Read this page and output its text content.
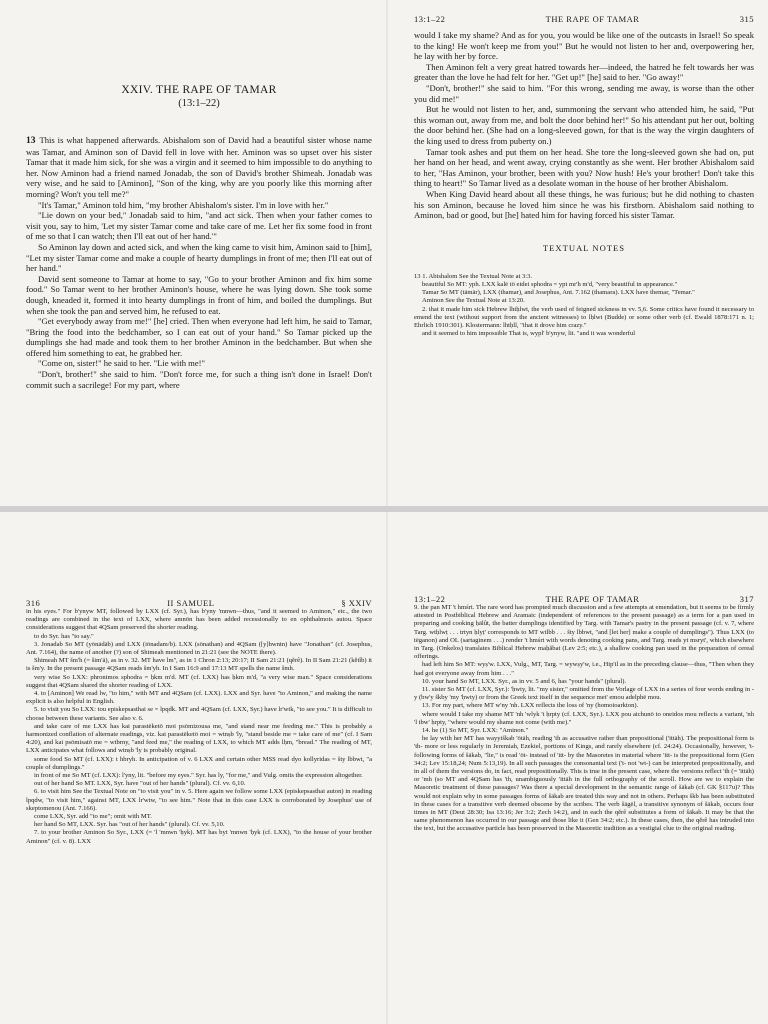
XXIV. THE RAPE OF TAMAR
(13:1–22)

13 This is what happened afterwards. Abishalom son of David had a beautiful sister whose name was Tamar, and Aminon son of David fell in love with her. Aminon was so upset over his sister Tamar that it made him sick, for she was a virgin and it seemed to him impossible to do anything to her. Now Aminon had a friend named Jonadab, the son of David's brother Shimeah. Jonadab was very wise, and he said to [Aminon], "Son of the king, why are you poorly like this morning after morning? Won't you tell me?"

"It's Tamar," Aminon told him, "my brother Abishalom's sister. I'm in love with her."

"Lie down on your bed," Jonadab said to him, "and act sick. Then when your father comes to visit you, say to him, 'Let my sister Tamar come and take care of me. Let her fix some food in front of me so that I can watch; then I'll eat out of her hand.'"

So Aminon lay down and acted sick, and when the king came to visit him, Aminon said to [him], "Let my sister Tamar come and make a couple of hearty dumplings in front of me; then I'll eat out of her hand."

David sent someone to Tamar at home to say, "Go to your brother Aminon and fix him some food." So Tamar went to her brother Aminon's house, where he was lying down. She took some dough, kneaded it, formed it into hearty dumplings in front of him, and boiled the dumplings. But when she took the pan and served him, he refused to eat.

"Get everybody away from me!" [he] cried. Then when everyone had left him, he said to Tamar, "Bring the food into the bedchamber, so I can eat out of your hand." So Tamar picked up the dumplings she had made and took them to her brother Aminon in the bedchamber. But when she offered him something to eat, he grabbed her.

"Come on, sister!" he said to her. "Lie with me!"

"Don't, brother!" she said to him. "Don't force me, for such a thing isn't done in Israel! Don't commit such a sacrilege! For my part, where

13:1–22	THE RAPE OF TAMAR	315

would I take my shame? And as for you, you would be like one of the outcasts in Israel! So speak to the king! He won't keep me from you!" But he would not listen to her and, overpowering her, he lay with her by force.

Then Aminon felt a very great hatred towards her—indeed, the hatred he felt towards her was greater than the love he had felt for her. "Get up!" [he] said to her. "Go away!"

"Don't, brother!" she said to him. "For this wrong, sending me away, is worse than the other you did me!"

But he would not listen to her, and, summoning the servant who attended him, he said, "Put this woman out, away from me, and bolt the door behind her!" So his attendant put her out, bolting the door behind her. (She had on a long-sleeved gown, for that is the way the virgin daughters of the king used to dress from puberty on.)

Tamar took ashes and put them on her head. She tore the long-sleeved gown she had on, put her hand on her head, and went away, crying constantly as she went. Her brother Abishalom said to her, "Has Aminon, your brother, been with you? Now hush! He's your brother! Don't take this thing to heart!" So Tamar lived as a desolate woman in the house of her brother Abishalom.

When King David heard about all these things, he was furious; but he did nothing to chasten his son Aminon, because he loved him since he was his firstborn. Abishalom said nothing to Aminon, bad or good, but [he] hated him for having forced his sister Tamar.

TEXTUAL NOTES

13 1. Abishalom See the Textual Note at 3:3.

beautiful So MT: yph. LXX kalē tō eidei sphodra = ypt mr'h m'd, "very beautiful in appearance."

Tamar So MT (tāmār), LXX (thamar), and Josephus, Ant. 7.162 (thamara). LXX have themar, "Temar."

Aminon See the Textual Note at 13:20.

2. that it made him sick Hebrew lhtḥlwt, the verb used of feigned sickness in vv. 5,6. Some critics have found it necessary to emend the text (without support from the ancient witnesses) to lḥlwt (Budde) or some other verb (cf. Ewald 1878:171 n. 1; Ehrlich 1910:301). Klostermann: lhtḥll, "that it drove him crazy."

and it seemed to him impossible That is, wypl' b'ynyw, lit. "and it was wonderful

316	II SAMUEL	§ XXIV

in his eyes." For b'ynyw MT, followed by LXX (cf. Syr.), has b'yny 'mnwn—thus, "and it seemed to Aminon," etc., the two readings are combined in the text of LXX, where amnōn has been added recessionally to en ophthalmois autou. Space considerations suggest that 4QSam preserved the shorter reading.

to do Syr. has "to say."

3. Jonadab So MT (yōnādāb) and LXX (iōnadam/b). LXX (sōnathan) and 4QSam ([y]hwntn) have "Jonathan" (cf. Josephus, Ant. 7.164), the name of another (?) son of Shimeah mentioned in 21:21 (see the NOTE there).

Shimeah MT šm'h (= šim'ā), as in v. 32. MT have lm'', as in 1 Chron 2:13; 20:17; II Sam 21:21 (qĕrê). In II Sam 21:21 (kĕtîb) it is šm'y. In the present passage 4QSam reads šm'yh. In I Sam 16:9 and 17:13 MT spells the name šmh.

very wise So LXX: phronimos sphodra = ḥkm m'd. MT (cf. LXX) has ḥkm m'd, "a very wise man." Space considerations suggest that 4QSam shared the shorter reading of LXX.

4. to [Aminon] We read lw, "to him," with MT and 4QSam (cf. LXX). LXX and Syr. have "to Aminon," and making the name explicit is also helpful in English.

5. to visit you So LXX: tou episkepsasthai se = lpqdk. MT and 4QSam (cf. LXX, Syr.) have lr'wtk, "to see you." It is difficult to choose between these variants. See also v. 6.

and take care of me LXX has kai parastēketō moi psōmizousa me, "and stand near me feeding me." This is probably a harmonized conflation of alternate readings, viz. kai parastēketō moi = wtnṣb 'ly, "stand beside me = take care of me" (cf. I Sam 4:20), and kai psōmisatō me = wtbrny, "and feed me," the reading of LXX, to which MT adds lḥm, "bread." The reading of MT, LXX anticipates what follows and wtnṣb 'ly is probably original.

some food So MT (cf. LXX): t hbryh. In anticipation of v. 6 LXX and certain other MSS read dyo kollyridas = šty lbbwt, "a couple of dumplings."

in front of me So MT (cf. LXX): l'yny, lit. "before my eyes." Syr. has ly, "for me," and Vulg. omits the expression altogether.

out of her hand So MT. LXX, Syr. have "out of her hands" (plural). Cf. vv. 6,10.

6. to visit him See the Textual Note on "to visit you" in v. 5. Here again we follow some LXX (episkepsasthai auton) in reading lpqdw, "to visit him," against MT, LXX lr'wtw, "to see him." Note that in this case LXX is corroborated by Josephus' use of skeptomenou (Ant. 7.166).

come LXX, Syr. add "to me"; omit with MT.

her hand So MT, LXX. Syr. has "out of her hands" (plural). Cf. vv. 5,10.

7. to your brother Aminon So Syr., LXX (= 'l 'mnwn 'ḥyk). MT has byt 'mnwn 'ḥyk (cf. LXX), "to the house of your brother Aminon" (cf. v. 8). LXX

13:1–22	THE RAPE OF TAMAR	317

9. the pan MT 't hmśrt. The rare word has prompted much discussion and a few attempts at emendation, but it seems to be firmly attested in Postbiblical Hebrew and Aramaic (independent of references to the present passage) as a term for a pan used in preparing and cooking ḥālût, the batter dumplings identified by Targ. with Tamar's pastry in the present passage (cf. v. 7, where Targ. wtḥlwṭ . . . trtyn ḥlyṭ' corresponds to MT wtlbb . . . šty lbbwt, "and [let her] make a couple of dumplings"). Thus LXX (to tēganon) and OL (sartaginem . . .) render 't hmśrt with words denoting cooking pans, and Targ. reads yt msryt', which elsewhere in Targ. (Onkelos) translates Biblical Hebrew maḥăbat (Lev 2:5; etc.), a shallow cooking pan used in the preparation of cereal offerings.

had left him So MT: wyṣ'w. LXX, Vulg., MT, Targ. = wywṣy'w, i.e., Hip'il as in the preceding clause—thus, "Then when they had got everyone away from him . . ."

10. your hand So MT, LXX. Syr., as in vv. 5 and 6, has "your hands" (plural).

11. sister So MT (cf. LXX, Syr.): 'ḥwty, lit. "my sister," omitted from the Vorlage of LXX in a series of four words ending in -y (bw'y škby 'my 'ḥwty) or from the Greek text itself in the sequence met' emou adelphē mou.

13. For my part, where MT w'ny 'nh. LXX reflects the loss of 'ny (homoioarkton).

where would I take my shame MT 'nh 'wlyk 't ḥrpty (cf. LXX, Syr.). LXX pou aichunō to oneidos mou reflects a variant, 'nh 'l tbw' ḥrpty, "where would my shame not come (with me)."

14. he (1) So MT, Syr. LXX: "Aminon."

he lay with her MT has wayyiškab 'ōtāh, reading 'th as accusative rather than prepositional ('ittāh). The prepositional form is 'th- more or less regularly in Jeremiah, Ezekiel, portions of Kings, and rarely elsewhere (cf. 24:24). Occasionally, however, 't- following forms of šākab, "lie," is read 'ōt- instead of 'itt- by the Masoretes in material where 'itt- is the prepositional form (Gen 34:2; Lev 15:18,24; Num 5:13,19). In all such passages the consonantal text ('t- not 'wt-) can be interpreted prepositionally, and in all of them the versions do, in fact, read prepositionally. This is true in the present case, where the versions reflect 'th (= 'ittāh) or 'mh (so MT and 4QSam has 'th, unambiguously 'ittāh in the full orthography of the scroll. How are we to explain the Masoretic treatment of these passages? Was there a special development in the semantic range of šākab (cf. GK §117u)? This would not explain why in some passages forms of šākab are treated this way and not in others. Perhaps škb has been substituted in these cases for a transitive verb deemed obscene by the scribes. The verb šāgēl, a transitive synonym of šākab, occurs four times in MT (Deut 28:30; Isa 13:16; Jer 3:2; Zech 14:2), and in each the qĕrê substitutes a form of šākab. It may be that the same phenomenon has occurred in our passage and those like it (Gen 34:2; etc.). In these cases, then, the qĕrê has intruded into the text, but the accusative particle has been preserved in the Masoretic tradition as a vestigial clue to the original reading.
